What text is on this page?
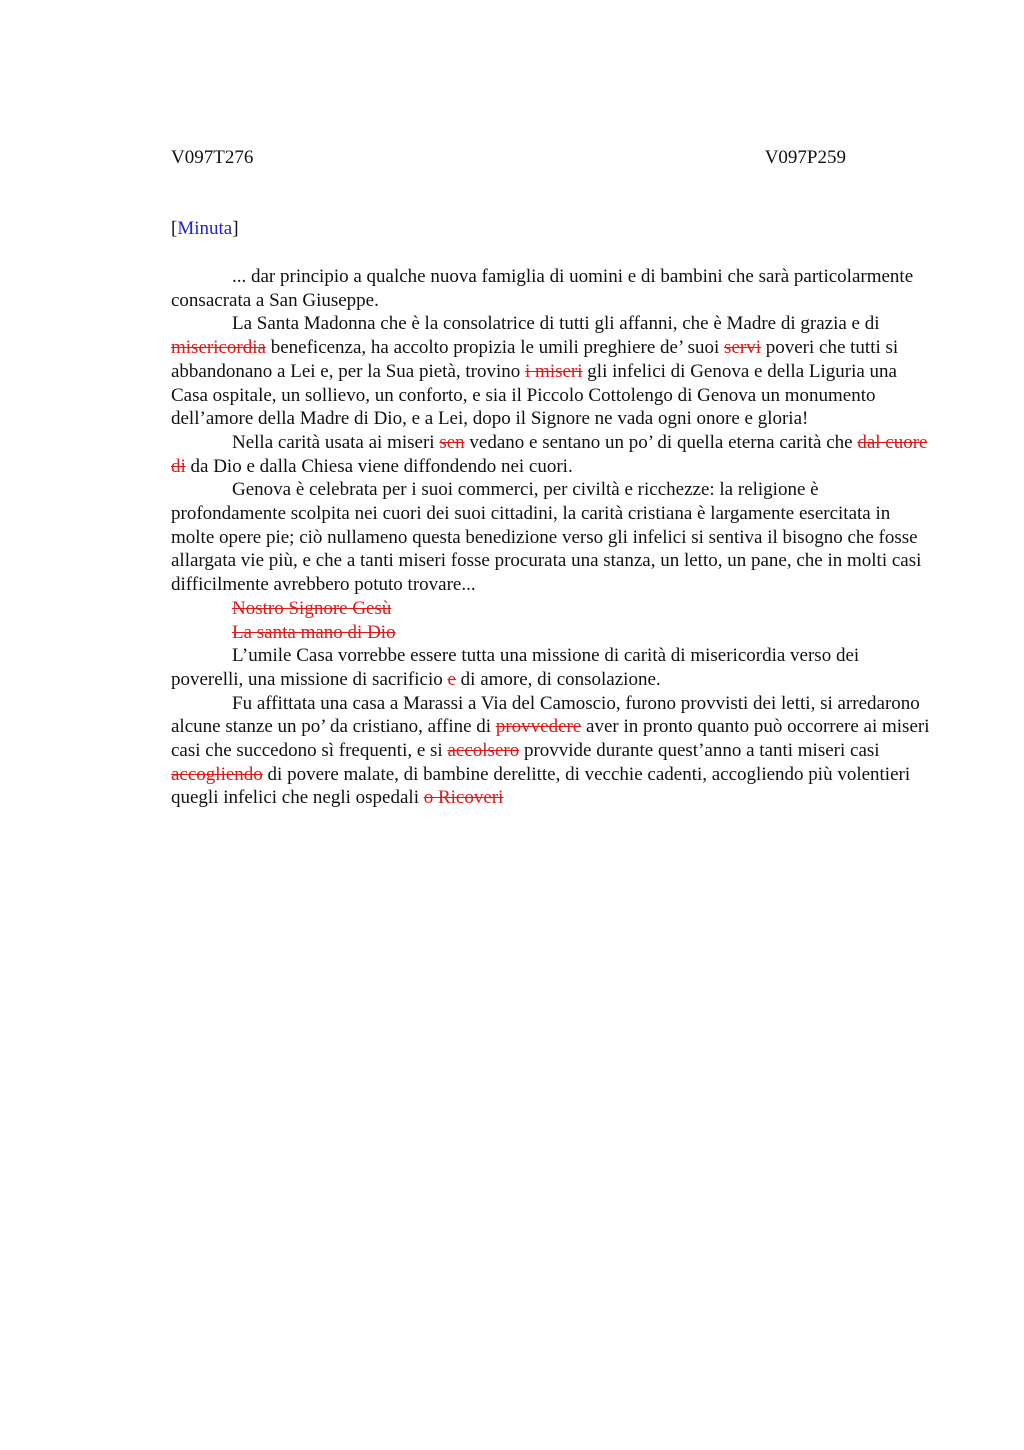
V097T276	V097P259
[Minuta]

... dar principio a qualche nuova famiglia di uomini e di bambini che sarà particolarmente consacrata a San Giuseppe.

La Santa Madonna che è la consolatrice di tutti gli affanni, che è Madre di grazia e di misericordia beneficenza, ha accolto propizia le umili preghiere de’ suoi servi poveri che tutti si abbandonano a Lei e, per la Sua pietà, trovino i miseri gli infelici di Genova e della Liguria una Casa ospitale, un sollievo, un conforto, e sia il Piccolo Cottolengo di Genova un monumento dell’amore della Madre di Dio, e a Lei, dopo il Signore ne vada ogni onore e gloria!

Nella carità usata ai miseri sen vedano e sentano un po’ di quella eterna carità che dal cuore di da Dio e dalla Chiesa viene diffondendo nei cuori.

Genova è celebrata per i suoi commerci, per civiltà e ricchezze: la religione è profondamente scolpita nei cuori dei suoi cittadini, la carità cristiana è largamente esercitata in molte opere pie; ciò nullameno questa benedizione verso gli infelici si sentiva il bisogno che fosse allargata vie più, e che a tanti miseri fosse procurata una stanza, un letto, un pane, che in molti casi difficilmente avrebbero potuto trovare...

Nostro Signore Gesù

La santa mano di Dio

L’umile Casa vorrebbe essere tutta una missione di carità di misericordia verso dei poverelli, una missione di sacrificio e di amore, di consolazione.

Fu affittata una casa a Marassi a Via del Camoscio, furono provvisti dei letti, si arredarono alcune stanze un po’ da cristiano, affine di provvedere aver in pronto quanto può occorrere ai miseri casi che succedono sì frequenti, e si accolsero provvide durante quest’anno a tanti miseri casi accogliendo di povere malate, di bambine derelitte, di vecchie cadenti, accogliendo più volentieri quegli infelici che negli ospedali o Ricoveri
